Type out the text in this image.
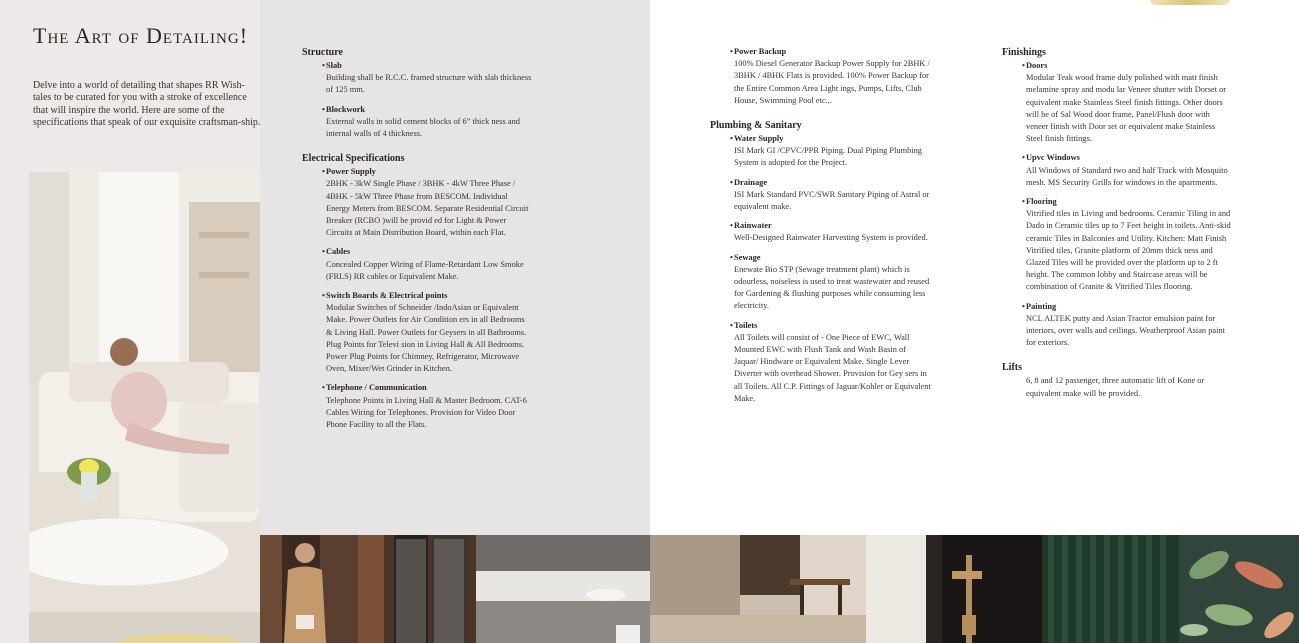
The Art of Detailing!

Delve into a world of detailing that shapes RR Wish-tales to be curated for you with a stroke of excellence that will inspire the world. Here are some of the specifications that speak of our exquisite craftsman-ship.

Structure

• Slab

Building shall be R.C.C. framed structure with slab thickness of 125 mm.

• Blockwork

External walls in solid cement blocks of 6” thick ness and internal walls of 4 thickness.

Electrical Specifications

• Power Supply

2BHK - 3kW Single Phase / 3BHK - 4kW Three Phase / 4BHK - 5kW Three Phase from BESCOM. Individual Energy Meters from BESCOM. Separate Residential Circuit Breaker (RCBO )will be provid ed for Light & Power Circuits at Main Distribution Board, within each Flat.

• Cables

Concealed Copper Wiring of Flame-Retardant Low Smoke (FRLS) RR cables or Equivalent Make.

• Switch Boards & Electrical points

Modular Switches of Schneider /IndoAsian or Equivalent Make. Power Outlets for Air Condition ers in all Bedrooms & Living Hall. Power Outlets for Geysers in all Bathrooms. Plug Points for Televi sion in Living Hall & All Bedrooms. Power Plug Points for Chimney, Refrigerator, Microwave Oven, Mixer/Wet Grinder in Kitchen.

• Telephone / Communication

Telephone Points in Living Hall & Master Bedroom. CAT-6 Cables Wiring for Telephones. Provision for Video Door Phone Facility to all the Flats.

• Power Backup

100% Diesel Generator Backup Power Supply for 2BHK / 3BHK / 4BHK Flats is provided. 100% Power Backup for the Entire Common Area Light ings, Pumps, Lifts, Club House, Swimming Pool etc.,.

Plumbing & Sanitary

• Water Supply

ISI Mark GI /CPVC/PPR Piping. Dual Piping Plumbing System is adopted for the Project.

• Drainage

ISI Mark Standard PVC/SWR Sanitary Piping of Astral or equivalent make.

• Rainwater

Well-Designed Rainwater Harvesting System is provided.

• Sewage

Enewate Bio STP (Sewage treatment plant) which is odourless, noiseless is used to treat wastewater and reused for Gardening & flushing purposes while consuming less electricity.

• Toilets

All Toilets will consist of - One Piece of EWC, Wall Mounted EWC with Flush Tank and Wash Basin of Jaquar/ Hindware or Equivalent Make. Single Lever Diverter with overhead Shower. Provision for Gey sers in all Toilets. All C.P. Fittings of Jaguar/Kohler or Equivalent Make.

Finishings

• Doors

Modular Teak wood frame duly polished with matt finish melamine spray and modu lar Veneer shutter with Dorset or equivalent make Stainless Steel finish fittings. Other doors will be of Sal Wood door frame, Panel/Flush door with veneer finish with Door set or equivalent make Stainless Steel finish fittings.

• Upvc Windows

All Windows of Standard two and half Track with Mosquito mesh. MS Security Grills for windows in the apartments.

• Flooring

Vitrified tiles in Living and bedrooms. Ceramic Tiling in and Dado in Ceramic tiles up to 7 Feet height in toilets. Anti-skid ceramic Tiles in Balconies and Utility. Kitchen: Matt Finish Vitrified tiles, Granite platform of 20mm thick ness and Glazed Tiles will be provided over the platform up to 2 ft height. The common lobby and Staircase areas will be combination of Granite & Vitrified Tiles flooring.

• Painting

NCL ALTEK putty and Asian Tractor emulsion paint for interiors, over walls and ceilings. Weatherproof Asian paint for exteriors.

Lifts

6, 8 and 12 passenger, three automatic lift of Kone or equivalent make will be provided.
